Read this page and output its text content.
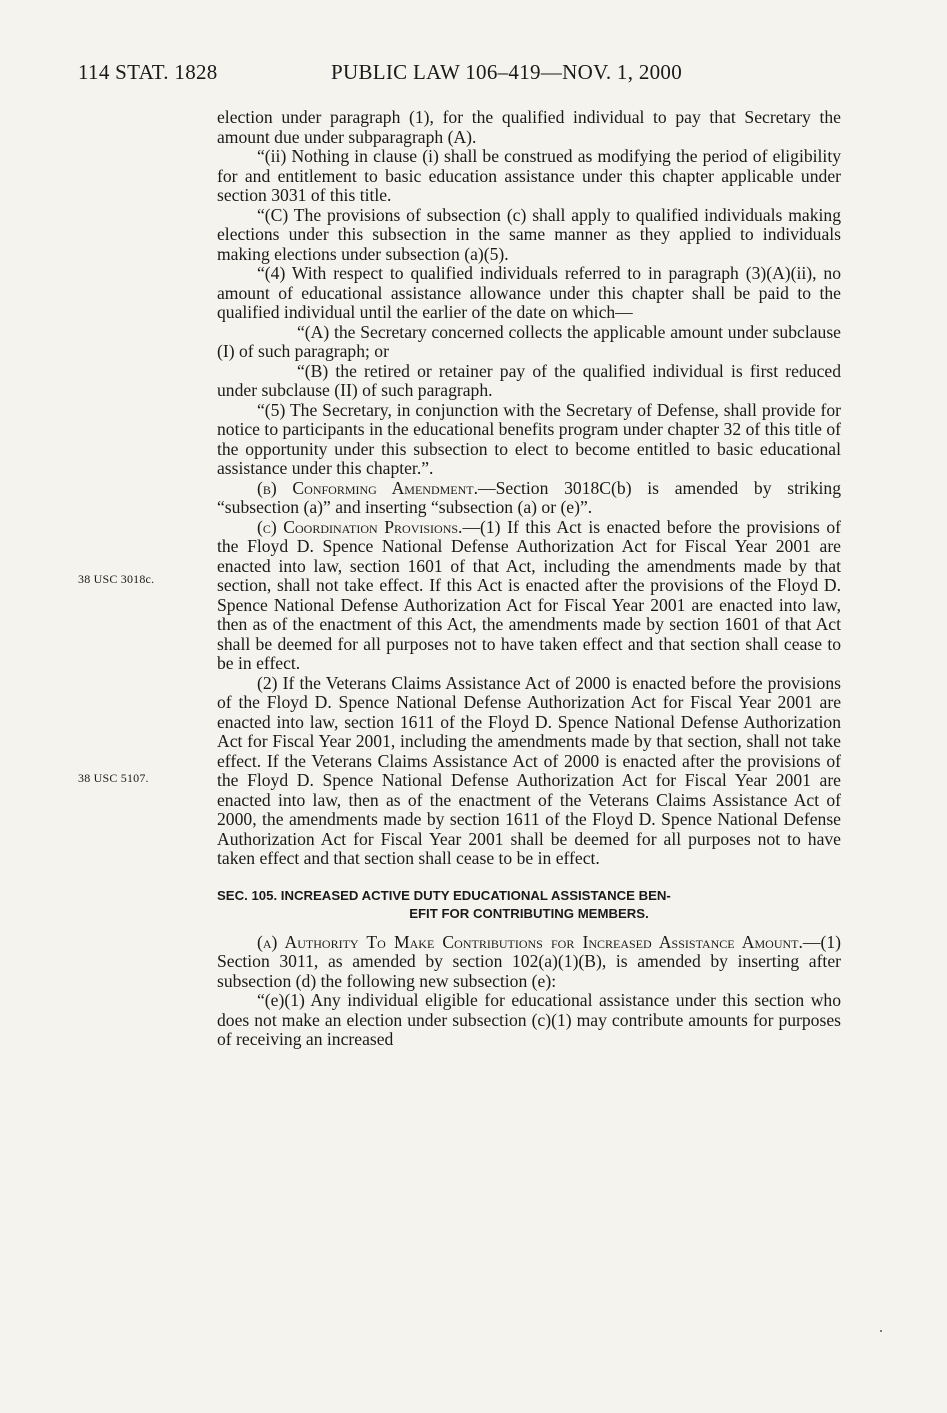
114 STAT. 1828	PUBLIC LAW 106–419—NOV. 1, 2000
38 USC 3018c.
38 USC 5107.

election under paragraph (1), for the qualified individual to pay that Secretary the amount due under subparagraph (A).

“(ii) Nothing in clause (i) shall be construed as modifying the period of eligibility for and entitlement to basic education assistance under this chapter applicable under section 3031 of this title.

“(C) The provisions of subsection (c) shall apply to qualified individuals making elections under this subsection in the same manner as they applied to individuals making elections under subsection (a)(5).

“(4) With respect to qualified individuals referred to in paragraph (3)(A)(ii), no amount of educational assistance allowance under this chapter shall be paid to the qualified individual until the earlier of the date on which—

“(A) the Secretary concerned collects the applicable amount under subclause (I) of such paragraph; or

“(B) the retired or retainer pay of the qualified individual is first reduced under subclause (II) of such paragraph.

“(5) The Secretary, in conjunction with the Secretary of Defense, shall provide for notice to participants in the educational benefits program under chapter 32 of this title of the opportunity under this subsection to elect to become entitled to basic educational assistance under this chapter.”.

(b) Conforming Amendment.—Section 3018C(b) is amended by striking “subsection (a)” and inserting “subsection (a) or (e)”.

(c) Coordination Provisions.—(1) If this Act is enacted before the provisions of the Floyd D. Spence National Defense Authorization Act for Fiscal Year 2001 are enacted into law, section 1601 of that Act, including the amendments made by that section, shall not take effect. If this Act is enacted after the provisions of the Floyd D. Spence National Defense Authorization Act for Fiscal Year 2001 are enacted into law, then as of the enactment of this Act, the amendments made by section 1601 of that Act shall be deemed for all purposes not to have taken effect and that section shall cease to be in effect.

(2) If the Veterans Claims Assistance Act of 2000 is enacted before the provisions of the Floyd D. Spence National Defense Authorization Act for Fiscal Year 2001 are enacted into law, section 1611 of the Floyd D. Spence National Defense Authorization Act for Fiscal Year 2001, including the amendments made by that section, shall not take effect. If the Veterans Claims Assistance Act of 2000 is enacted after the provisions of the Floyd D. Spence National Defense Authorization Act for Fiscal Year 2001 are enacted into law, then as of the enactment of the Veterans Claims Assistance Act of 2000, the amendments made by section 1611 of the Floyd D. Spence National Defense Authorization Act for Fiscal Year 2001 shall be deemed for all purposes not to have taken effect and that section shall cease to be in effect.

SEC. 105. INCREASED ACTIVE DUTY EDUCATIONAL ASSISTANCE BEN-
EFIT FOR CONTRIBUTING MEMBERS.

(a) Authority To Make Contributions for Increased Assistance Amount.—(1) Section 3011, as amended by section 102(a)(1)(B), is amended by inserting after subsection (d) the following new subsection (e):

“(e)(1) Any individual eligible for educational assistance under this section who does not make an election under subsection (c)(1) may contribute amounts for purposes of receiving an increased
